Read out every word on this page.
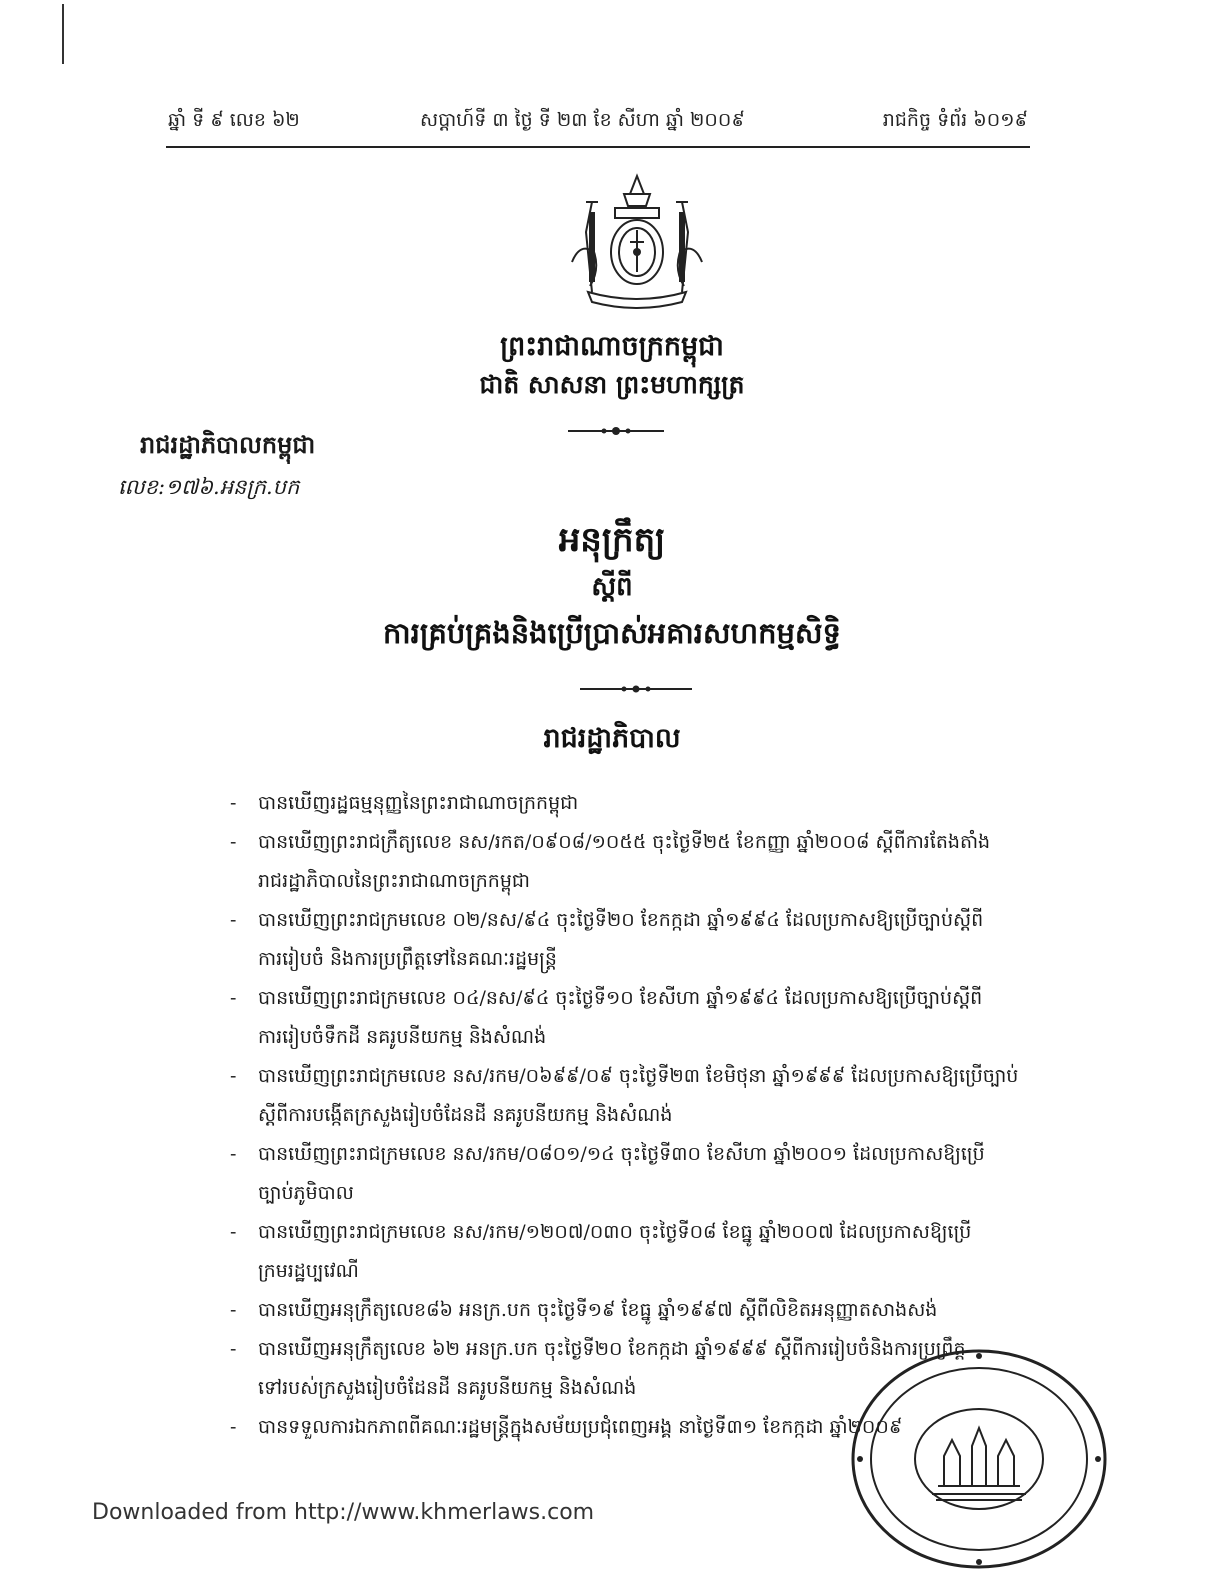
ឆ្នាំ ទី ៩ លេខ ៦២	សប្ដាហ៍ទី ៣ ថ្ងៃ ទី ២៣ ខែ សីហា ឆ្នាំ ២០០៩	រាជកិច្ច ទំព័រ ៦០១៩
ព្រះរាជាណាចក្រកម្ពុជា
ជាតិ សាសនា ព្រះមហាក្សត្រ
រាជរដ្ឋាភិបាលកម្ពុជា
លេខ:១៧៦.អនក្រ.បក
អនុក្រឹត្យ
ស្ដីពី
ការគ្រប់គ្រងនិងប្រើប្រាស់អគារសហកម្មសិទ្ធិ
រាជរដ្ឋាភិបាល
- បានឃើញរដ្ឋធម្មនុញ្ញនៃព្រះរាជាណាចក្រកម្ពុជា
- បានឃើញព្រះរាជក្រឹត្យលេខ នស/រកត/០៩០៨/១០៥៥ ចុះថ្ងៃទី២៥ ខែកញ្ញា ឆ្នាំ២០០៨ ស្ដីពីការតែងតាំង
រាជរដ្ឋាភិបាលនៃព្រះរាជាណាចក្រកម្ពុជា
- បានឃើញព្រះរាជក្រមលេខ ០២/នស/៩៤ ចុះថ្ងៃទី២០ ខែកក្កដា ឆ្នាំ១៩៩៤ ដែលប្រកាសឱ្យប្រើច្បាប់ស្ដីពី
ការរៀបចំ និងការប្រព្រឹត្តទៅនៃគណៈរដ្ឋមន្ត្រី
- បានឃើញព្រះរាជក្រមលេខ ០៤/នស/៩៤ ចុះថ្ងៃទី១០ ខែសីហា ឆ្នាំ១៩៩៤ ដែលប្រកាសឱ្យប្រើច្បាប់ស្ដីពី
ការរៀបចំទឹកដី នគរូបនីយកម្ម និងសំណង់
- បានឃើញព្រះរាជក្រមលេខ នស/រកម/០៦៩៩/០៩ ចុះថ្ងៃទី២៣ ខែមិថុនា ឆ្នាំ១៩៩៩ ដែលប្រកាសឱ្យប្រើច្បាប់
ស្ដីពីការបង្កើតក្រសួងរៀបចំដែនដី នគរូបនីយកម្ម និងសំណង់
- បានឃើញព្រះរាជក្រមលេខ នស/រកម/០៨០១/១៤ ចុះថ្ងៃទី៣០ ខែសីហា ឆ្នាំ២០០១ ដែលប្រកាសឱ្យប្រើ
ច្បាប់ភូមិបាល
- បានឃើញព្រះរាជក្រមលេខ នស/រកម/១២០៧/០៣០ ចុះថ្ងៃទី០៨ ខែធ្នូ ឆ្នាំ២០០៧ ដែលប្រកាសឱ្យប្រើ
ក្រមរដ្ឋប្បវេណី
- បានឃើញអនុក្រឹត្យលេខ៨៦ អនក្រ.បក ចុះថ្ងៃទី១៩ ខែធ្នូ ឆ្នាំ១៩៩៧ ស្ដីពីលិខិតអនុញ្ញាតសាងសង់
- បានឃើញអនុក្រឹត្យលេខ ៦២ អនក្រ.បក ចុះថ្ងៃទី២០ ខែកក្កដា ឆ្នាំ១៩៩៩ ស្ដីពីការរៀបចំនិងការប្រព្រឹត្ត
ទៅរបស់ក្រសួងរៀបចំដែនដី នគរូបនីយកម្ម និងសំណង់
- បានទទួលការឯកភាពពីគណៈរដ្ឋមន្ត្រីក្នុងសម័យប្រជុំពេញអង្គ នាថ្ងៃទី៣១ ខែកក្កដា ឆ្នាំ២០០៩
Downloaded from http://www.khmerlaws.com
